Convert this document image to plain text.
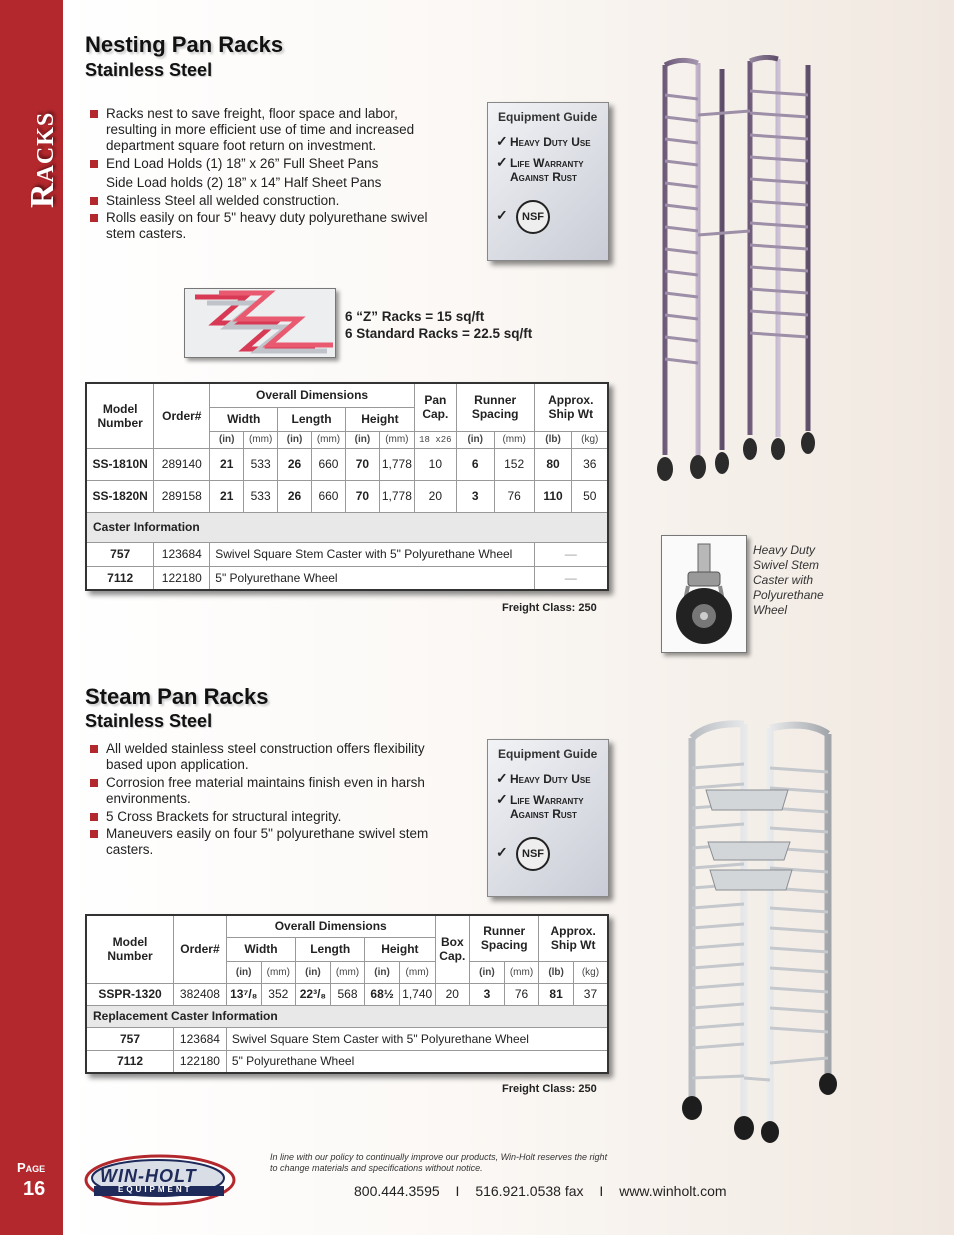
Racks
Page
16
Nesting Pan Racks
Stainless Steel
Racks nest to save freight, floor space and labor, resulting in more efficient use of time and increased department square foot return on investment.
End Load Holds (1) 18” x 26” Full Sheet Pans
Side Load holds (2) 18” x 14” Half Sheet Pans
Stainless Steel all welded construction.
Rolls easily on four 5" heavy duty polyurethane swivel stem casters.
Equipment Guide
✓ Heavy Duty Use
✓ Life Warranty
Against Rust
✓ NSF
6 “Z” Racks = 15 sq/ft
6 Standard Racks = 22.5 sq/ft
Model Number	Order#	Overall Dimensions						Pan Cap.	Runner Spacing		Approx. Ship Wt	
		Width		Length		Height						
		(in)	(mm)	(in)	(mm)	(in)	(mm)	18 x26	(in)	(mm)	(lb)	(kg)
SS-1810N	289140	21	533	26	660	70	1,778	10	6	152	80	36
SS-1820N	289158	21	533	26	660	70	1,778	20	3	76	110	50
Caster Information												
757	123684	Swivel Square Stem Caster with 5" Polyurethane Wheel									—	
7112	122180	5" Polyurethane Wheel									—	
Freight Class: 250
Heavy Duty Swivel Stem Caster with Polyurethane Wheel
Steam Pan Racks
Stainless Steel
All welded stainless steel construction offers flexibility based upon application.
Corrosion free material maintains finish even in harsh environments.
5 Cross Brackets for structural integrity.
Maneuvers easily on four 5" polyurethane swivel stem casters.
Equipment Guide
✓ Heavy Duty Use
✓ Life Warranty
Against Rust
✓ NSF
Model Number	Order#	Overall Dimensions						Box Cap.	Runner Spacing		Approx. Ship Wt	
		Width		Length		Height						
		(in)	(mm)	(in)	(mm)	(in)	(mm)		(in)	(mm)	(lb)	(kg)
SSPR-1320	382408	13⁷/₈	352	22³/₈	568	68½	1,740	20	3	76	81	37
Replacement Caster Information												
757	123684	Swivel Square Stem Caster with 5" Polyurethane Wheel										
7112	122180	5" Polyurethane Wheel										
Freight Class: 250
WIN-HOLT
EQUIPMENT
In line with our policy to continually improve our products, Win-Holt reserves the right to change materials and specifications without notice.
800.444.3595 I 516.921.0538 fax I www.winholt.com
